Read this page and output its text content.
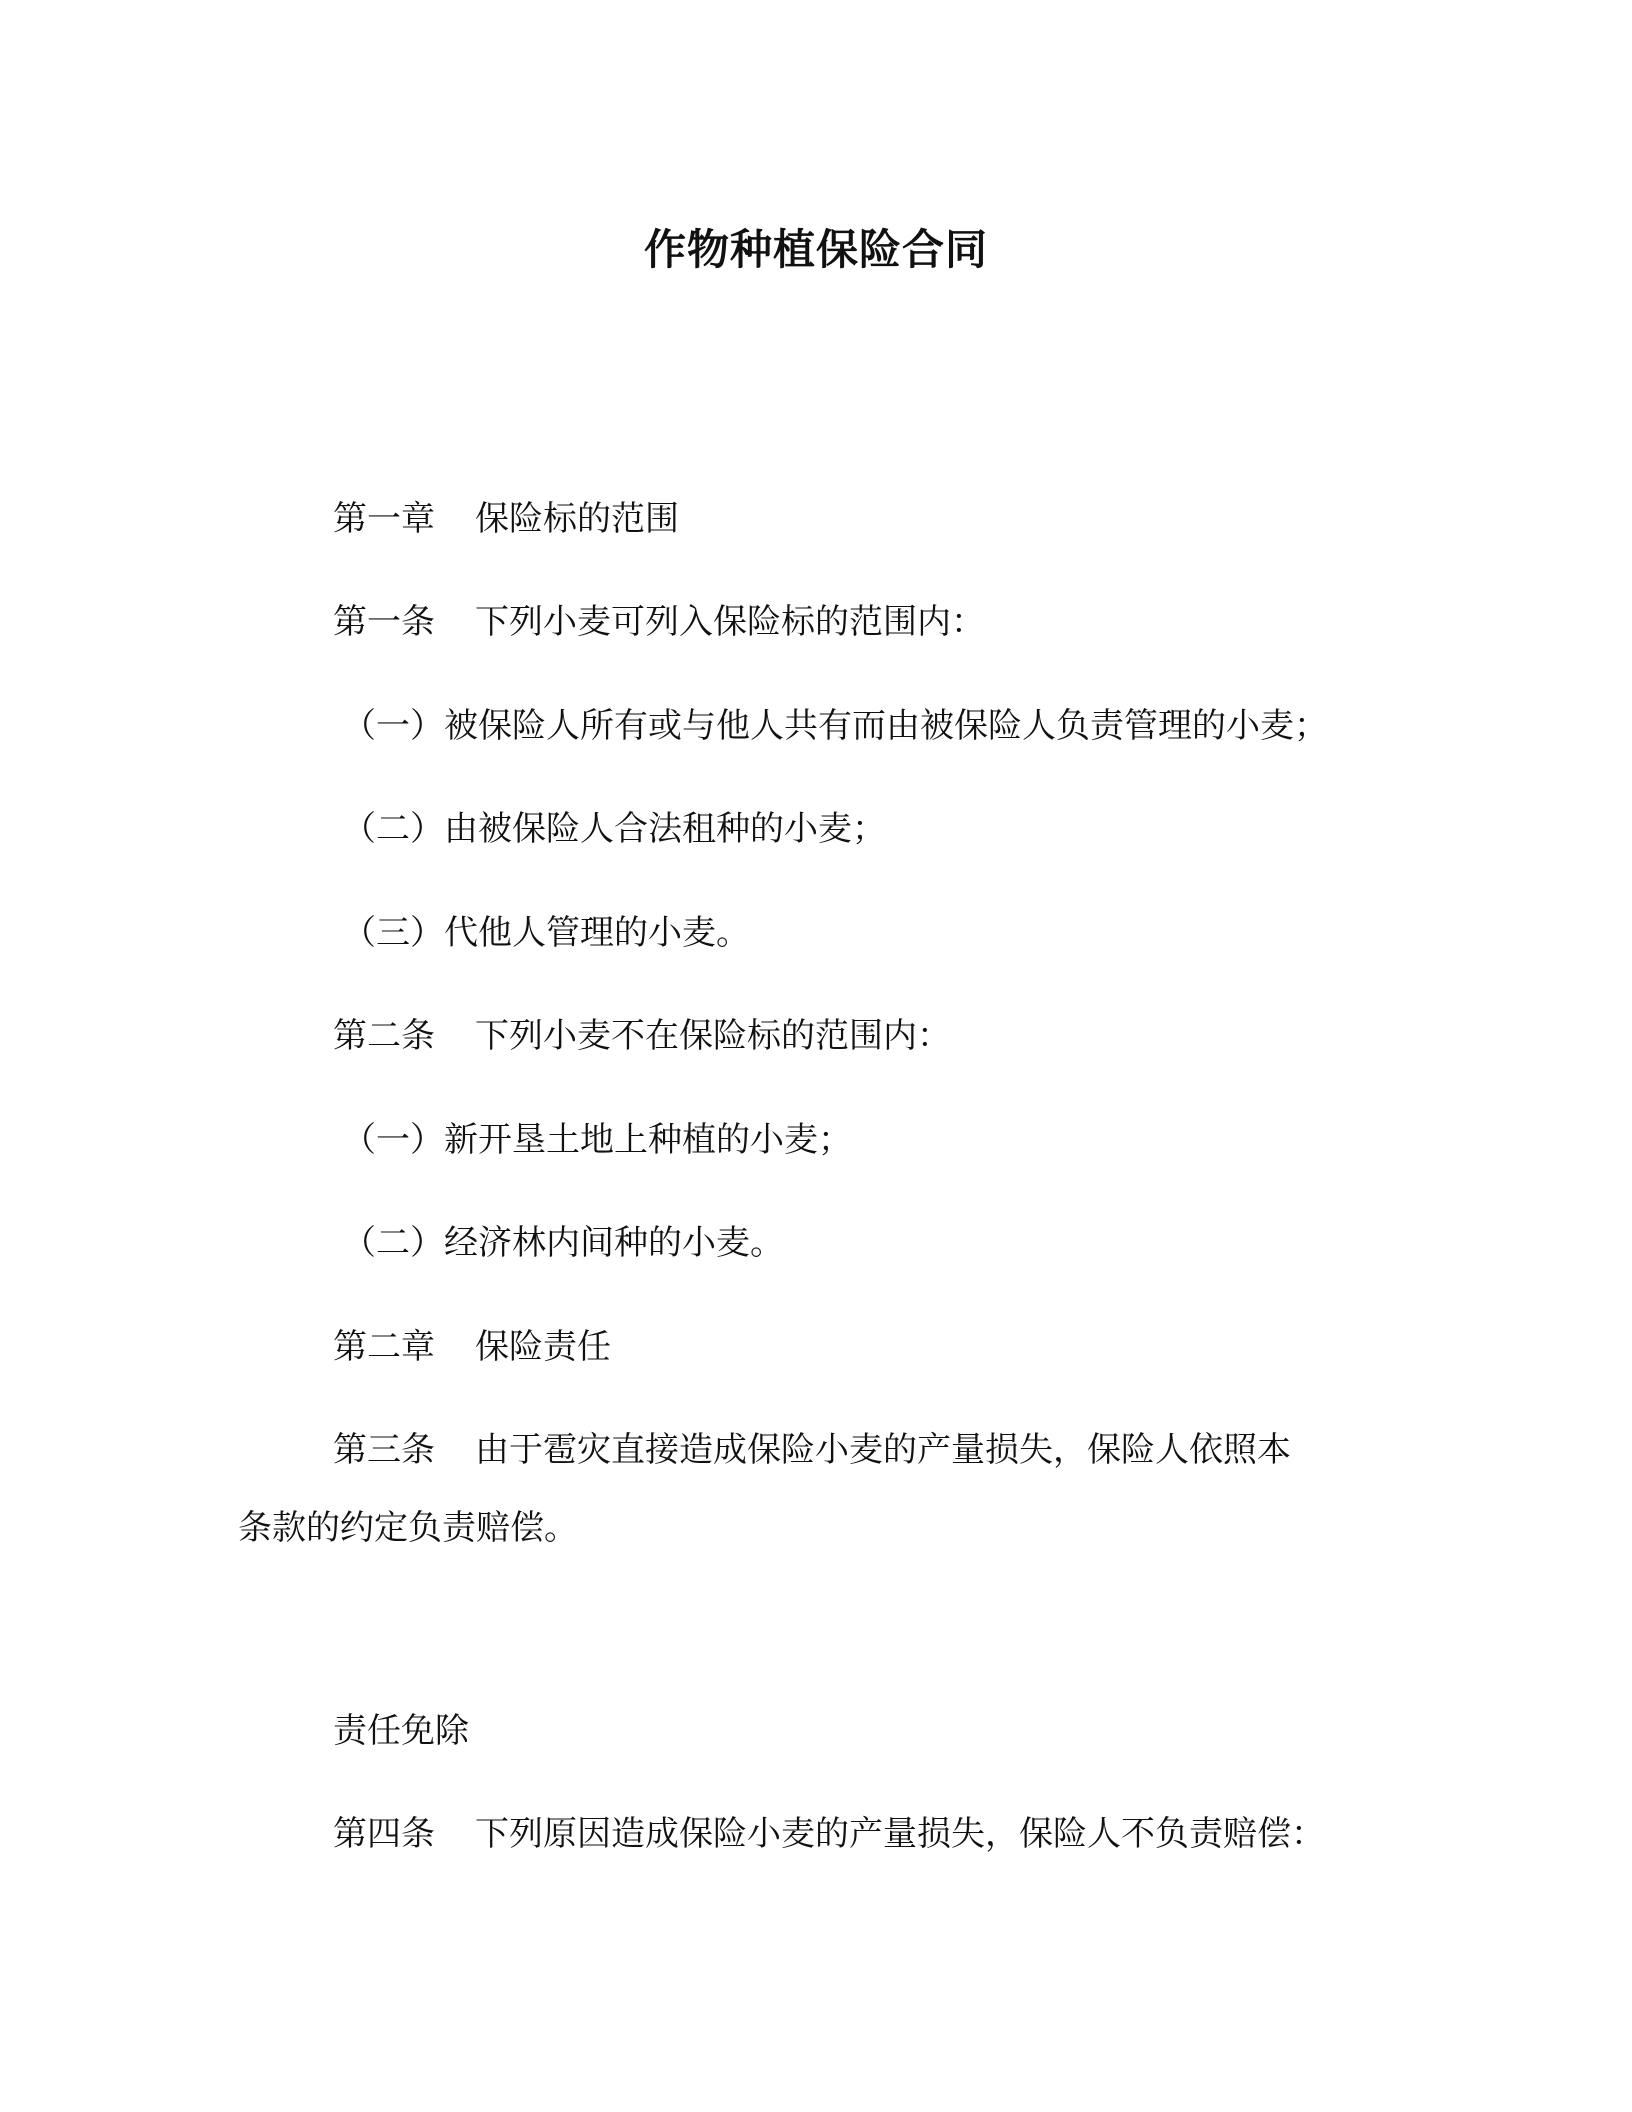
作物种植保险合同
第一章 保险标的范围
第一条 下列小麦可列入保险标的范围内：
（一）被保险人所有或与他人共有而由被保险人负责管理的小麦；
（二）由被保险人合法租种的小麦；
（三）代他人管理的小麦。
第二条 下列小麦不在保险标的范围内：
（一）新开垦土地上种植的小麦；
（二）经济林内间种的小麦。
第二章 保险责任
第三条 由于雹灾直接造成保险小麦的产量损失，保险人依照本
条款的约定负责赔偿。
责任免除
第四条 下列原因造成保险小麦的产量损失，保险人不负责赔偿：
